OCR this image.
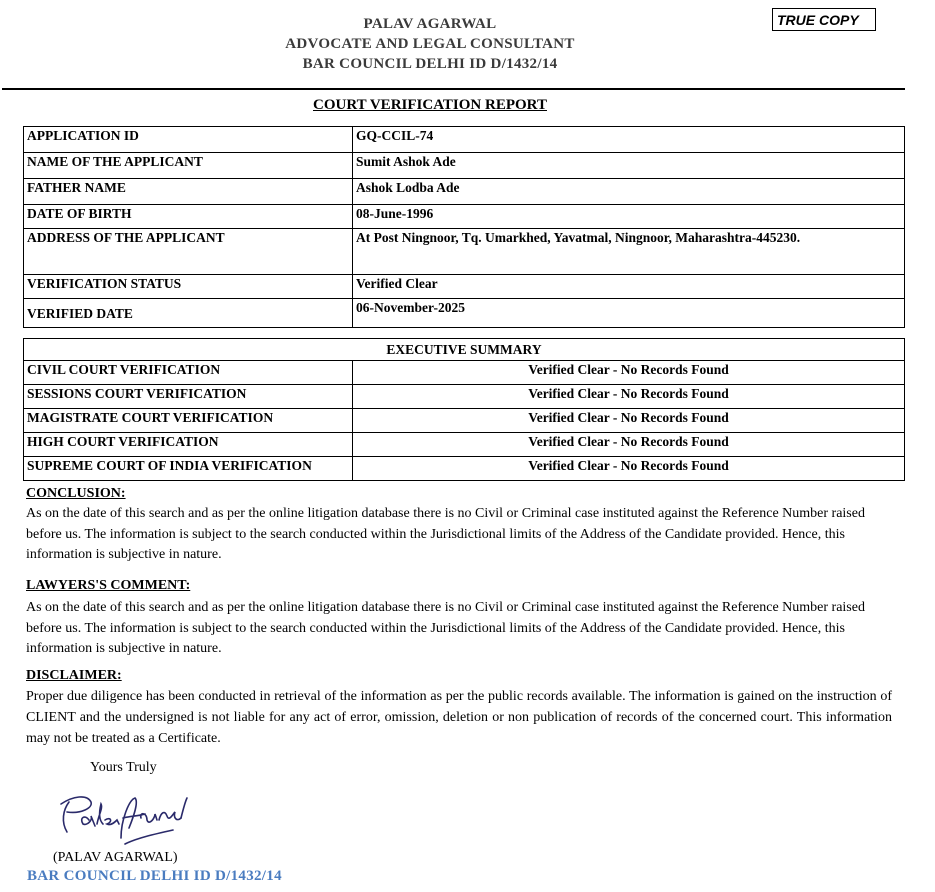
PALAV AGARWAL
ADVOCATE AND LEGAL CONSULTANT
BAR COUNCIL DELHI ID D/1432/14
TRUE COPY
COURT VERIFICATION REPORT
APPLICATION ID	GQ-CCIL-74
NAME OF THE APPLICANT	Sumit Ashok Ade
FATHER NAME	Ashok Lodba Ade
DATE OF BIRTH	08-June-1996
ADDRESS OF THE APPLICANT	At Post Ningnoor, Tq. Umarkhed, Yavatmal, Ningnoor, Maharashtra-445230.
VERIFICATION STATUS	Verified Clear
VERIFIED DATE	06-November-2025
EXECUTIVE SUMMARY	
CIVIL COURT VERIFICATION	Verified Clear - No Records Found
SESSIONS COURT VERIFICATION	Verified Clear - No Records Found
MAGISTRATE COURT VERIFICATION	Verified Clear - No Records Found
HIGH COURT VERIFICATION	Verified Clear - No Records Found
SUPREME COURT OF INDIA VERIFICATION	Verified Clear - No Records Found
CONCLUSION:
As on the date of this search and as per the online litigation database there is no Civil or Criminal case instituted against the Reference Number raised before us. The information is subject to the search conducted within the Jurisdictional limits of the Address of the Candidate provided. Hence, this information is subjective in nature.
LAWYERS'S COMMENT:
As on the date of this search and as per the online litigation database there is no Civil or Criminal case instituted against the Reference Number raised before us. The information is subject to the search conducted within the Jurisdictional limits of the Address of the Candidate provided. Hence, this information is subjective in nature.
DISCLAIMER:
Proper due diligence has been conducted in retrieval of the information as per the public records available. The information is gained on the instruction of CLIENT and the undersigned is not liable for any act of error, omission, deletion or non publication of records of the concerned court. This information may not be treated as a Certificate.
Yours Truly
(PALAV AGARWAL)
BAR COUNCIL DELHI ID D/1432/14
